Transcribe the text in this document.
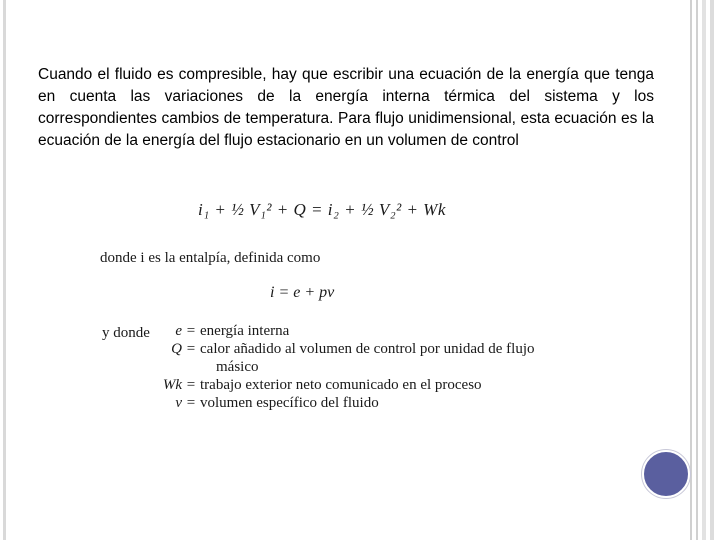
Cuando el fluido es compresible, hay que escribir una ecuación de la energía que tenga en cuenta las variaciones de la energía interna térmica del sistema y los correspondientes cambios de temperatura. Para flujo unidimensional, esta ecuación es la ecuación de la energía del flujo estacionario en un volumen de control
i₁ + ½ V₁² + Q = i₂ + ½ V₂² + Wk
donde i es la entalpía, definida como
i = e + pv
y donde	e = energía interna
Q = calor añadido al volumen de control por unidad de flujo
másico
Wk = trabajo exterior neto comunicado en el proceso
v = volumen específico del fluido
